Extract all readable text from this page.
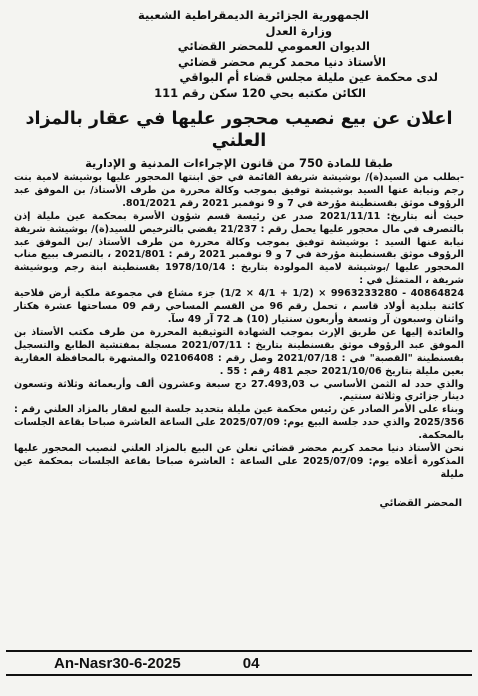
الجمهورية الجزائرية الديمقراطية الشعبية
وزارة العدل
الديوان العمومي للمحضر القضائي
الأستاذ دنيا محمد كريم محضر قضائي
لدى محكمة عين مليلة مجلس قضاء أم البواقي
الكائن مكتبه بحي 120 سكن رقم 111
اعلان عن بيع نصيب محجور عليها في عقار بالمزاد العلني
طبقا للمادة 750 من قانون الإجراءات المدنية و الإدارية

-بطلب من السيد(ة)/ بوشيشة شريفة القائمة في حق ابنتها المحجور عليها بوشيشة لامية بنت رجم ونيابة عنها السيد بوشيشة توفيق بموجب وكالة محررة من طرف الأستاذ/ بن الموفق عبد الرؤوف موثق بقسنطينة مؤرخة في 7 و 9 نوفمبر 2021 رقم 801/2021.

حيث أنه بتاريخ: 2021/11/11 صدر عن رئيسة قسم شؤون الأسرة بمحكمة عين مليلة إذن بالتصرف في مال محجور عليها يحمل رقم : 21/237 يقضي بالترخيص للسيد(ة)/ بوشيشة شريفة نيابة عنها السيد : بوشيشة توفيق بموجب وكالة محررة من طرف الأستاذ /بن الموفق عبد الرؤوف موثق بقسنطينة مؤرخة في 7 و 9 نوفمبر 2021 رقم : 2021/801 ، بالتصرف ببيع مناب المحجور عليها /بوشيشة لامية المولودة بتاريخ : 1978/10/14 بقسنطينة ابنة رجم وبوشيشة شريفة ، المتمثل في :

40864824 - 9963233280 × (1/2 + 4/1 × 1/2) جزء مشاع في مجموعة ملكية أرض فلاحية كائنة ببلدية أولاد قاسم ، تحمل رقم 96 من القسم المساحي رقم 09 مساحتها عشرة هكتار واثنان وسبعون آر وتسعة وأربعون سنتيار (10) هـ 72 آر 49 سآ.

والعائدة إليها عن طريق الإرث بموجب الشهادة التوثيقية المحررة من طرف مكتب الأستاذ بن الموفق عبد الرؤوف موثق بقسنطينة بتاريخ : 2021/07/11 مسجلة بمفتشية الطابع والتسجيل بقسنطينة "القصبة" في : 2021/07/18 وصل رقم : 02106408 والمشهرة بالمحافظة العقارية بعين مليلة بتاريخ 2021/10/06 حجم 481 رقم : 55 .

والذي حدد له الثمن الأساسي ب 27.493,03 دج سبعة وعشرون ألف وأربعمائة وثلاثة وتسعون دينار جزائري وثلاثة سنتيم.

وبناء على الأمر الصادر عن رئيس محكمة عين مليلة بتحديد جلسة البيع لعقار بالمزاد العلني رقم : 2025/356 والذي حدد جلسة البيع يوم: 2025/07/09 على الساعة العاشرة صباحا بقاعة الجلسات بالمحكمة.

نحن الأستاذ دنيا محمد كريم محضر قضائي نعلن عن البيع بالمزاد العلني لنصيب المحجور عليها المذكورة أعلاه يوم: 2025/07/09 على الساعة : العاشرة صباحا بقاعة الجلسات بمحكمة عين مليلة

المحضر القضائي
An-Nasr30-6-2025	04
